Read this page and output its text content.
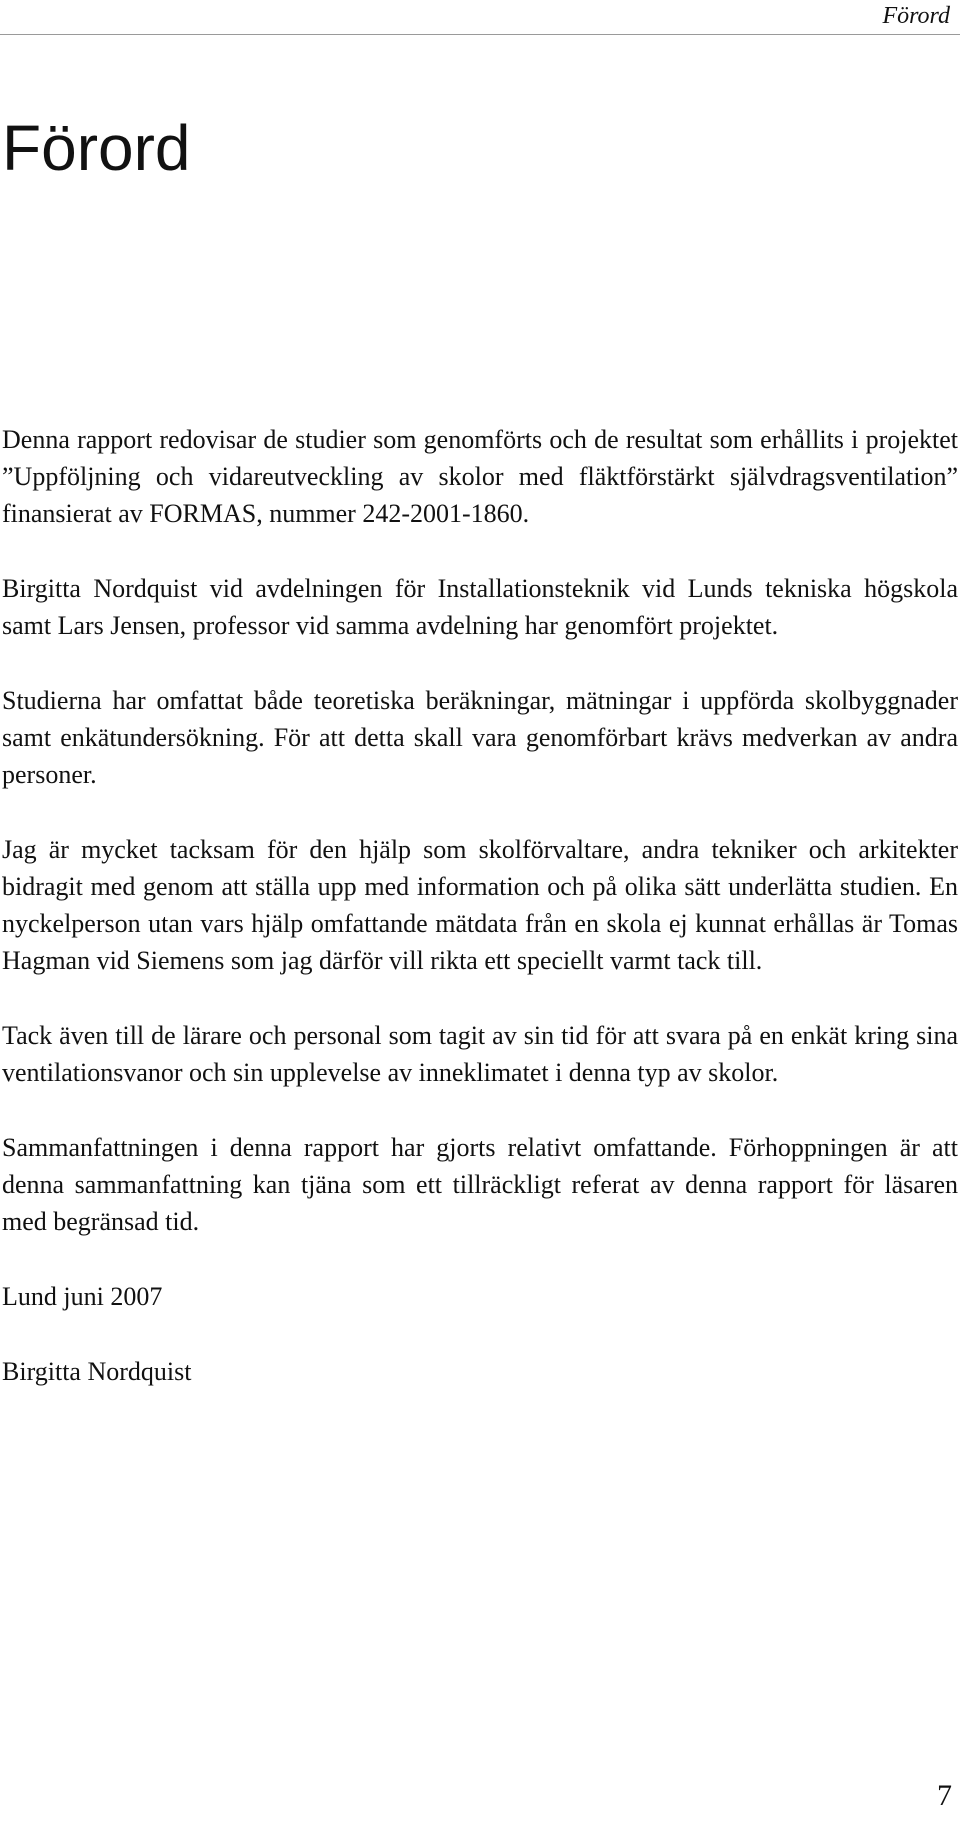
Förord
Förord

Denna rapport redovisar de studier som genomförts och de resultat som erhållits i projektet ”Uppföljning och vidareutveckling av skolor med fläktförstärkt självdragsventilation” finansierat av FORMAS, nummer 242-2001-1860.

Birgitta Nordquist vid avdelningen för Installationsteknik vid Lunds tekniska högskola samt Lars Jensen, professor vid samma avdelning har genomfört projektet.

Studierna har omfattat både teoretiska beräkningar, mätningar i uppförda skolbyggnader samt enkätundersökning. För att detta skall vara genomförbart krävs medverkan av andra personer.

Jag är mycket tacksam för den hjälp som skolförvaltare, andra tekniker och arkitekter bidragit med genom att ställa upp med information och på olika sätt underlätta studien. En nyckelperson utan vars hjälp omfattande mätdata från en skola ej kunnat erhållas är Tomas Hagman vid Siemens som jag därför vill rikta ett speciellt varmt tack till.

Tack även till de lärare och personal som tagit av sin tid för att svara på en enkät kring sina ventilationsvanor och sin upplevelse av inneklimatet i denna typ av skolor.

Sammanfattningen i denna rapport har gjorts relativt omfattande. Förhoppningen är att denna sammanfattning kan tjäna som ett tillräckligt referat av denna rapport för läsaren med begränsad tid.

Lund juni 2007

Birgitta Nordquist

7
